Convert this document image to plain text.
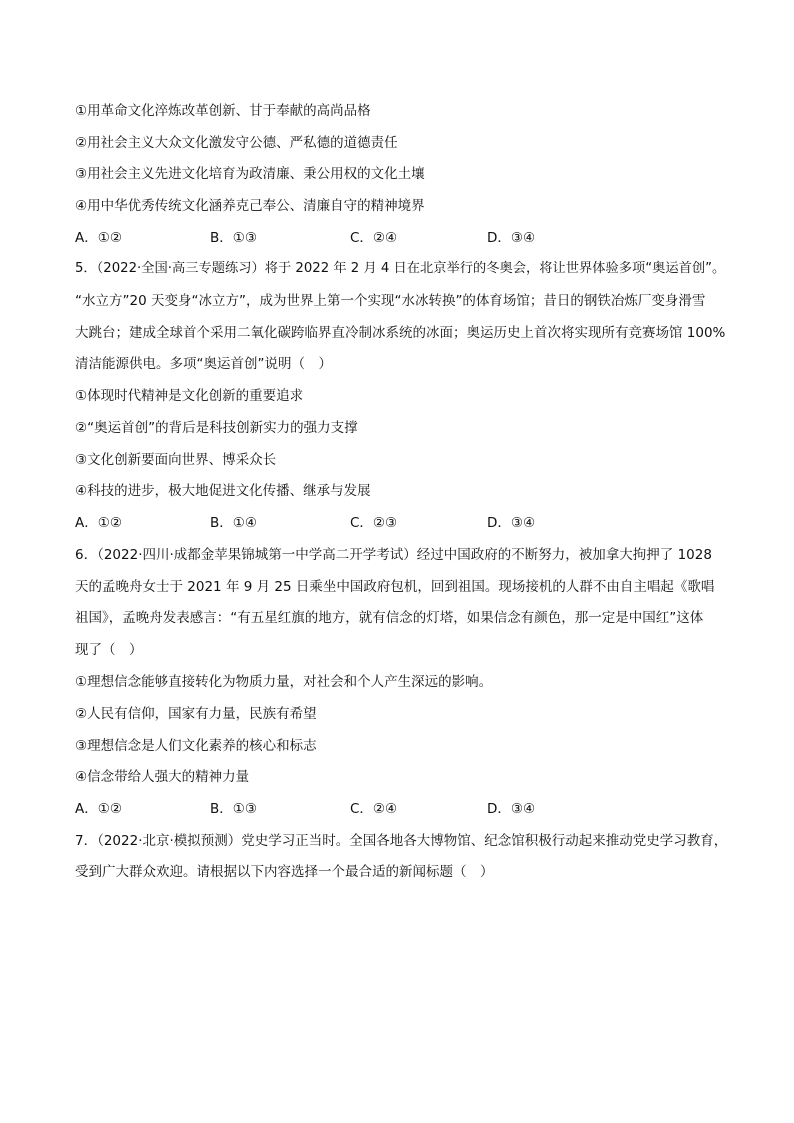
①用革命文化淬炼改革创新、甘于奉献的高尚品格
②用社会主义大众文化激发守公德、严私德的道德责任
③用社会主义先进文化培育为政清廉、秉公用权的文化土壤
④用中华优秀传统文化涵养克己奉公、清廉自守的精神境界
A．①②	B．①③	C．②④	D．③④
5．（2022·全国·高三专题练习）将于 2022 年 2 月 4 日在北京举行的冬奥会，将让世界体验多项“奥运首创”。
“水立方”20 天变身“冰立方”，成为世界上第一个实现“水冰转换”的体育场馆；昔日的钢铁冶炼厂变身滑雪
大跳台；建成全球首个采用二氧化碳跨临界直冷制冰系统的冰面；奥运历史上首次将实现所有竞赛场馆 100%
清洁能源供电。多项“奥运首创”说明（　）
①体现时代精神是文化创新的重要追求
②“奥运首创”的背后是科技创新实力的强力支撑
③文化创新要面向世界、博采众长
④科技的进步，极大地促进文化传播、继承与发展
A．①②	B．①④	C．②③	D．③④
6．（2022·四川·成都金苹果锦城第一中学高二开学考试）经过中国政府的不断努力，被加拿大拘押了 1028
天的孟晚舟女士于 2021 年 9 月 25 日乘坐中国政府包机，回到祖国。现场接机的人群不由自主唱起《歌唱
祖国》，孟晚舟发表感言：“有五星红旗的地方，就有信念的灯塔，如果信念有颜色，那一定是中国红”这体
现了（　）
①理想信念能够直接转化为物质力量，对社会和个人产生深远的影响。
②人民有信仰，国家有力量，民族有希望
③理想信念是人们文化素养的核心和标志
④信念带给人强大的精神力量
A．①②	B．①③	C．②④	D．③④
7．（2022·北京·模拟预测）党史学习正当时。全国各地各大博物馆、纪念馆积极行动起来推动党史学习教育，
受到广大群众欢迎。请根据以下内容选择一个最合适的新闻标题（　）
